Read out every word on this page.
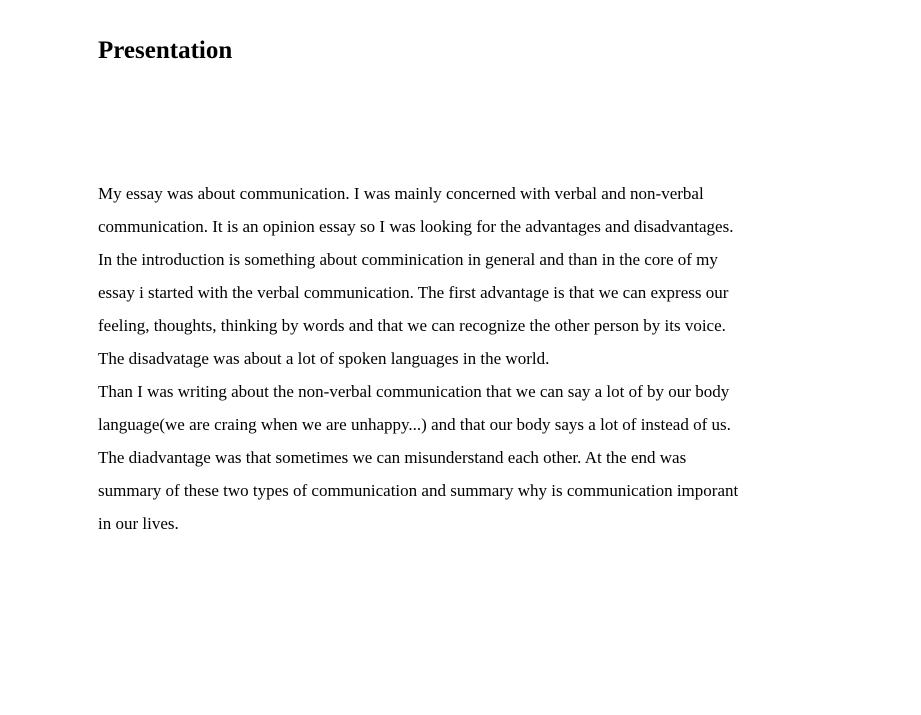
Presentation
My essay was about communication. I was mainly concerned with verbal and non-verbal
communication. It is an opinion essay so I was looking for the advantages and disadvantages.
In the introduction is something about comminication in general and than in the core of my
essay i started with the verbal communication. The first advantage is that we can express our
feeling, thoughts, thinking by words and that we can recognize the other person by its voice.
The disadvatage was about a lot of spoken languages in the world.
Than I was writing about the non-verbal communication that we can say a lot of by our body
language(we are craing when we are unhappy...) and that our body says a lot of instead of us.
The diadvantage was that sometimes we can misunderstand each other. At the end was
summary of these two types of communication and summary why is communication imporant
in our lives.
